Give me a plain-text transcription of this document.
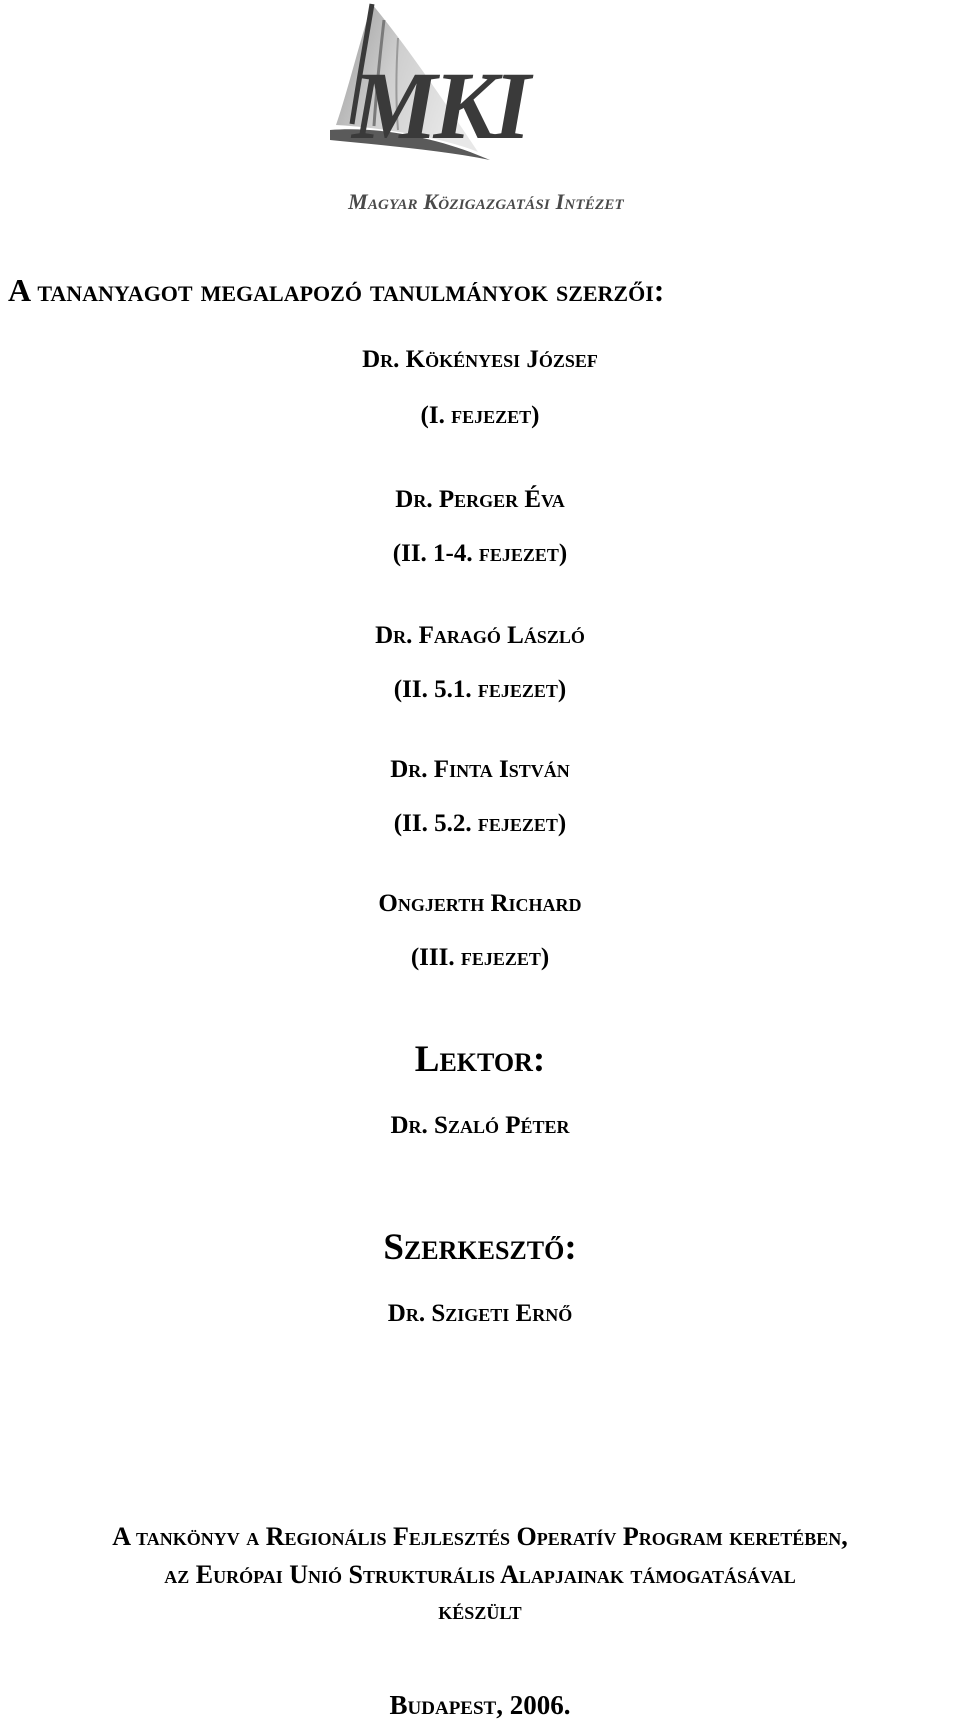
MKI
Magyar Közigazgatási Intézet
A tananyagot megalapozó tanulmányok szerzői:
Dr. Kökényesi József
(I. fejezet)
Dr. Perger Éva
(II. 1-4. fejezet)
Dr. Faragó László
(II. 5.1. fejezet)
Dr. Finta István
(II. 5.2. fejezet)
Ongjerth Richard
(III. fejezet)
Lektor:
Dr. Szaló Péter
Szerkesztő:
Dr. Szigeti Ernő
A tankönyv a Regionális Fejlesztés Operatív Program keretében,
az Európai Unió Strukturális Alapjainak támogatásával
készült
Budapest, 2006.
